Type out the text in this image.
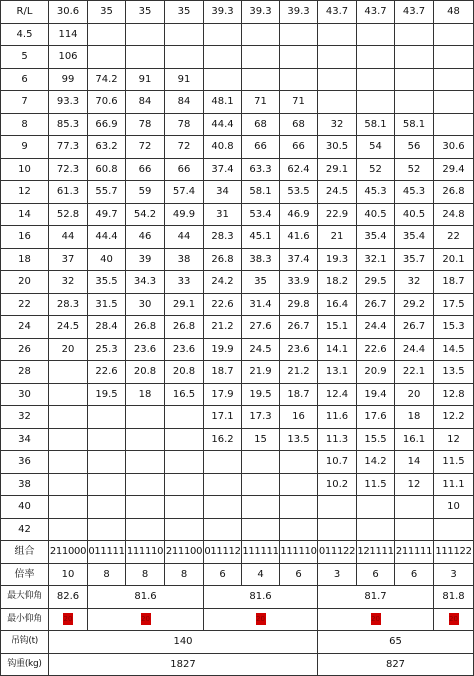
R/L	30.6	35	35	35	39.3	39.3	39.3	43.7	43.7	43.7	48
4.5	114										
5	106										
6	99	74.2	91	91							
7	93.3	70.6	84	84	48.1	71	71				
8	85.3	66.9	78	78	44.4	68	68	32	58.1	58.1	
9	77.3	63.2	72	72	40.8	66	66	30.5	54	56	30.6
10	72.3	60.8	66	66	37.4	63.3	62.4	29.1	52	52	29.4
12	61.3	55.7	59	57.4	34	58.1	53.5	24.5	45.3	45.3	26.8
14	52.8	49.7	54.2	49.9	31	53.4	46.9	22.9	40.5	40.5	24.8
16	44	44.4	46	44	28.3	45.1	41.6	21	35.4	35.4	22
18	37	40	39	38	26.8	38.3	37.4	19.3	32.1	35.7	20.1
20	32	35.5	34.3	33	24.2	35	33.9	18.2	29.5	32	18.7
22	28.3	31.5	30	29.1	22.6	31.4	29.8	16.4	26.7	29.2	17.5
24	24.5	28.4	26.8	26.8	21.2	27.6	26.7	15.1	24.4	26.7	15.3
26	20	25.3	23.6	23.6	19.9	24.5	23.6	14.1	22.6	24.4	14.5
28		22.6	20.8	20.8	18.7	21.9	21.2	13.1	20.9	22.1	13.5
30		19.5	18	16.5	17.9	19.5	18.7	12.4	19.4	20	12.8
32					17.1	17.3	16	11.6	17.6	18	12.2
34					16.2	15	13.5	11.3	15.5	16.1	12
36								10.7	14.2	14	11.5
38								10.2	11.5	12	11.1
40											10
42											
组合	211000	011111	111110	211100	011112	111111	111110	011122	121111	211111	111122
倍率	10	8	8	8	6	4	6	3	6	6	3
最大仰角	82.6	81.6			81.6			81.7			81.8
最小仰角	20	20			20			20			20
吊钩(t)	140							65			
钩重(kg)	1827							827			
